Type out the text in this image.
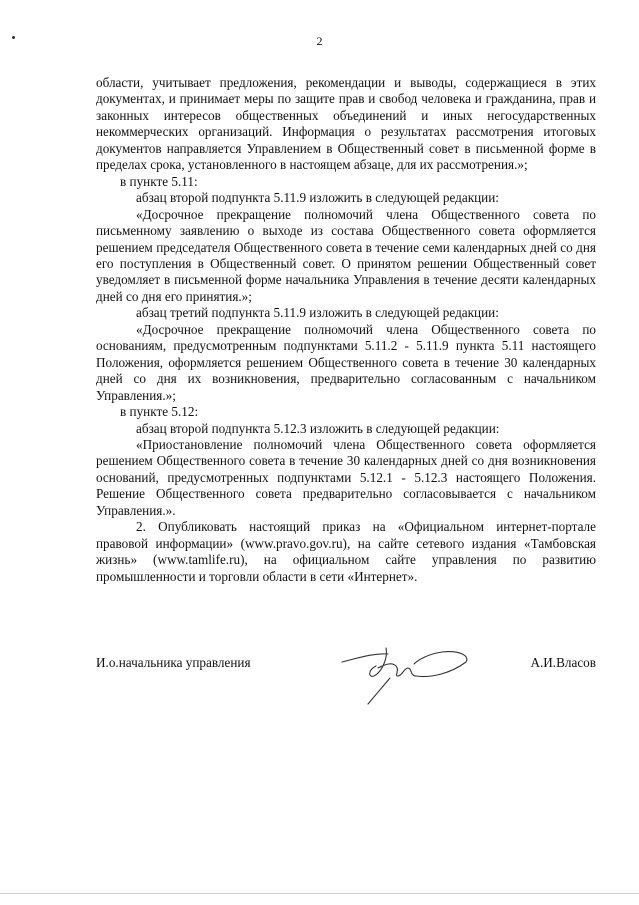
2

области, учитывает предложения, рекомендации и выводы, содержащиеся в этих документах, и принимает меры по защите прав и свобод человека и гражданина, прав и законных интересов общественных объединений и иных негосударственных некоммерческих организаций. Информация о результатах рассмотрения итоговых документов направляется Управлением в Общественный совет в письменной форме в пределах срока, установленного в настоящем абзаце, для их рассмотрения.»;

в пункте 5.11:

абзац второй подпункта 5.11.9 изложить в следующей редакции:

«Досрочное прекращение полномочий члена Общественного совета по письменному заявлению о выходе из состава Общественного совета оформляется решением председателя Общественного совета в течение семи календарных дней со дня его поступления в Общественный совет. О принятом решении Общественный совет уведомляет в письменной форме начальника Управления в течение десяти календарных дней со дня его принятия.»;

абзац третий подпункта 5.11.9 изложить в следующей редакции:

«Досрочное прекращение полномочий члена Общественного совета по основаниям, предусмотренным подпунктами 5.11.2 - 5.11.9 пункта 5.11 настоящего Положения, оформляется решением Общественного совета в течение 30 календарных дней со дня их возникновения, предварительно согласованным с начальником Управления.»;

в пункте 5.12:

абзац второй подпункта 5.12.3 изложить в следующей редакции:

«Приостановление полномочий члена Общественного совета оформляется решением Общественного совета в течение 30 календарных дней со дня возникновения оснований, предусмотренных подпунктами 5.12.1 - 5.12.3 настоящего Положения. Решение Общественного совета предварительно согласовывается с начальником Управления.».

2. Опубликовать настоящий приказ на «Официальном интернет-портале правовой информации» (www.pravo.gov.ru), на сайте сетевого издания «Тамбовская жизнь» (www.tamlife.ru), на официальном сайте управления по развитию промышленности и торговли области в сети «Интернет».

И.о.начальника управления	А.И.Власов
